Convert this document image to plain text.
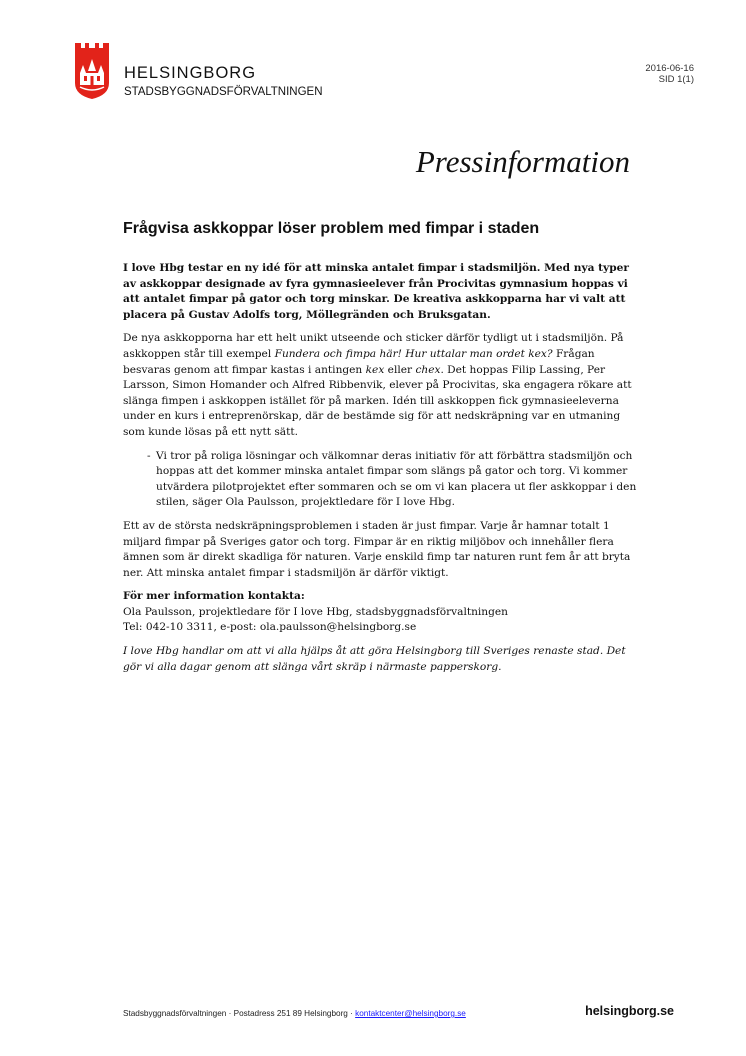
HELSINGBORG
STADSBYGGNADSFÖRVALTNINGEN
2016-06-16
SID 1(1)
Pressinformation
Frågvisa askkoppar löser problem med fimpar i staden

I love Hbg testar en ny idé för att minska antalet fimpar i stadsmiljön. Med nya typer av askkoppar designade av fyra gymnasieelever från Procivitas gymnasium hoppas vi att antalet fimpar på gator och torg minskar. De kreativa askkopparna har vi valt att placera på Gustav Adolfs torg, Möllegränden och Bruksgatan.

De nya askkopporna har ett helt unikt utseende och sticker därför tydligt ut i stadsmiljön. På askkoppen står till exempel Fundera och fimpa här! Hur uttalar man ordet kex? Frågan besvaras genom att fimpar kastas i antingen kex eller chex. Det hoppas Filip Lassing, Per Larsson, Simon Homander och Alfred Ribbenvik, elever på Procivitas, ska engagera rökare att slänga fimpen i askkoppen istället för på marken. Idén till askkoppen fick gymnasieeleverna under en kurs i entreprenörskap, där de bestämde sig för att nedskräpning var en utmaning som kunde lösas på ett nytt sätt.

- Vi tror på roliga lösningar och välkomnar deras initiativ för att förbättra stadsmiljön och hoppas att det kommer minska antalet fimpar som slängs på gator och torg. Vi kommer utvärdera pilotprojektet efter sommaren och se om vi kan placera ut fler askkoppar i den stilen, säger Ola Paulsson, projektledare för I love Hbg.

Ett av de största nedskräpningsproblemen i staden är just fimpar. Varje år hamnar totalt 1 miljard fimpar på Sveriges gator och torg. Fimpar är en riktig miljöbov och innehåller flera ämnen som är direkt skadliga för naturen. Varje enskild fimp tar naturen runt fem år att bryta ner. Att minska antalet fimpar i stadsmiljön är därför viktigt.

För mer information kontakta:
Ola Paulsson, projektledare för I love Hbg, stadsbyggnadsförvaltningen
Tel: 042-10 3311, e-post: ola.paulsson@helsingborg.se

I love Hbg handlar om att vi alla hjälps åt att göra Helsingborg till Sveriges renaste stad. Det gör vi alla dagar genom att slänga vårt skräp i närmaste papperskorg.

Stadsbyggnadsförvaltningen · Postadress 251 89 Helsingborg · kontaktcenter@helsingborg.se	helsingborg.se
